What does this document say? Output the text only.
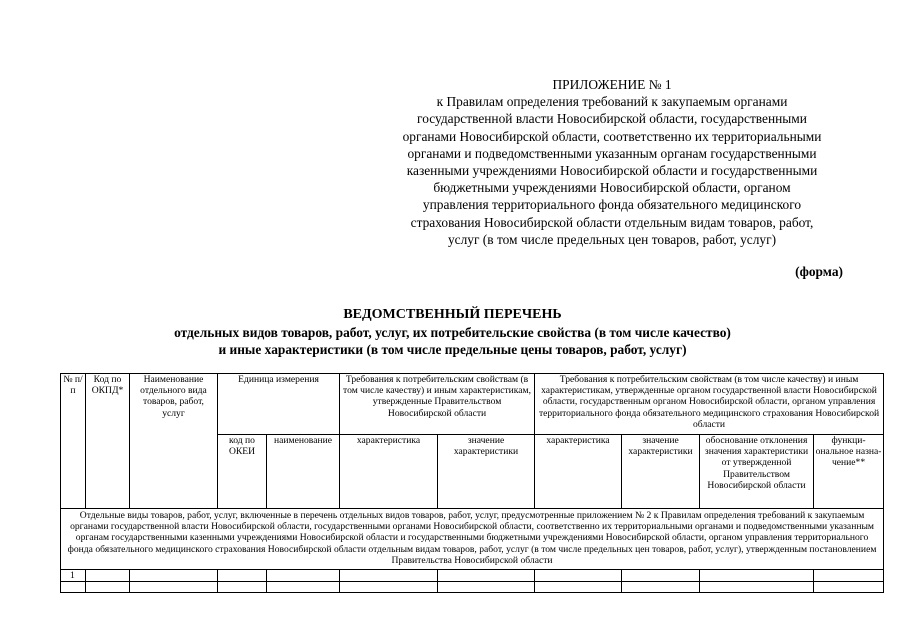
ПРИЛОЖЕНИЕ № 1
к Правилам определения требований к закупаемым органами
государственной власти Новосибирской области, государственными
органами Новосибирской области, соответственно их территориальными
органами и подведомственными указанным органам государственными
казенными учреждениями Новосибирской области и государственными
бюджетными учреждениями Новосибирской области, органом
управления территориального фонда обязательного медицинского
страхования Новосибирской области отдельным видам товаров, работ,
услуг (в том числе предельных цен товаров, работ, услуг)
(форма)
ВЕДОМСТВЕННЫЙ ПЕРЕЧЕНЬ
отдельных видов товаров, работ, услуг, их потребительские свойства (в том числе качество)
и иные характеристики (в том числе предельные цены товаров, работ, услуг)
№ п/п	Код по ОКПД*	Наименование отдельного вида товаров, работ, услуг	Единица измерения		Требования к потребительским свойствам (в том числе качеству) и иным характеристикам, утвержденные Правительством Новосибирской области		Требования к потребительским свойствам (в том числе качеству) и иным характеристикам, утвержденные органом государственной власти Новосибирской области, государственным органом Новосибирской области, органом управления территориального фонда обязательного медицинского страхования Новосибирской области			
			код по ОКЕИ	наименование	характеристика	значение характеристики	характеристика	значение характеристики	обоснование отклонения значения характеристики от утвержденной Правительством Новосибирской области	функци-ональное назна-чение**
Отдельные виды товаров, работ, услуг, включенные в перечень отдельных видов товаров, работ, услуг, предусмотренные приложением № 2 к Правилам определения требований к закупаемым органами государственной власти Новосибирской области, государственными органами Новосибирской области, соответственно их территориальными органами и подведомственными указанным органам государственными казенными учреждениями Новосибирской области и государственными бюджетными учреждениями Новосибирской области, органом управления территориального фонда обязательного медицинского страхования Новосибирской области отдельным видам товаров, работ, услуг (в том числе предельных цен товаров, работ, услуг), утвержденным постановлением Правительства Новосибирской области										
1										
